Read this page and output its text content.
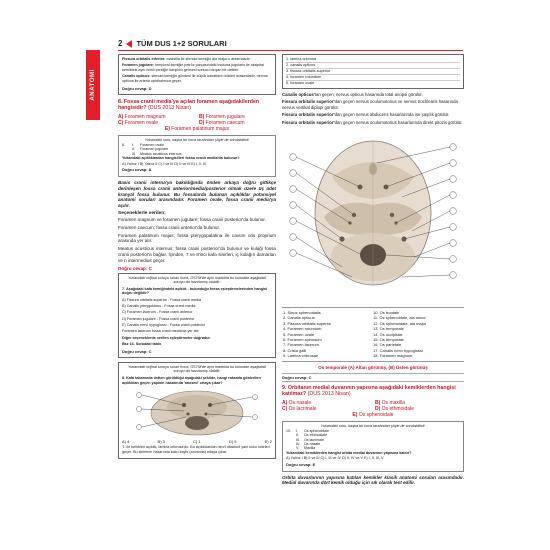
ANATOMİ
2 TÜM DUS 1+2 SORULARI

Fissura orbitalis inferior: maksilla ile sfenoid kemiğin ala major'u arasındadır.

Foramen jugulare: temporal kemiğin petröz parçasındaki incisura jugularis ile oksipital kemikteki aynı isimli çentiğin karşılıklı gelmesi sonucu oluşan bir deliktir.

Canalis opticus: sfenoid kemiğin gövdesi ile küçük kanatların kökleri arasındadır. nervus opticus ile arteria ophthalmica geçer.

Doğru cevap: D

8. Fossa cranii media'ya açılan foramen aşağıdakilerden hangisidir? (DUS 2013 Nisan)

A) Foramen magnum	B) Foramen jugulare
C) Foramen ovale	D) Foramen caecum
E) Foramen palatinum majus
Yukarıdaki soru, başka bir hoca tarafından şöyle de sorulabilirdi:
8.	I.	Foramen ovale
II.	Foramen jugulare
III.	Meatus acusticus internus
Yukarıdaki açıklıklardan hangisi/leri fossa cranii media'da bulunur?
A) Yalnız I B) Yalnız II C) I ve III D) II ve III E) I, II, III
Doğru cevap: A

Basis cranii interna'ya bakıldığında önden arkaya doğru gittikçe derinleşen fossa cranii anterior/media/posterior olmak üzere üç adet kranyal fossa bulunur. Bu fossalarda bulunan açıklıklar potansiyel anatomi soruları arasındadır. Foramen ovale, fossa cranii media'ya açılır.

Seçeneklerle verilen;

Foramen magnum ve foramen jugulare; fossa cranii posterior'da bulunur.

Foramen caecum; fossa cranii anterior'da bulunur.

Foramen palatinum majus; fossa pterygopalatina ile cavum oris proprium arasında yer alır.

Meatus acusticus internus; fossa cranii posterior'da bulunur ve kulağı fossa cranii posterior'a bağlar. İçinden, 7 ve 8'inci kafa sinirleri, iç kulağın damarları ve n intermedius geçer.

Doğru cevap: C

Yukarıdaki orijinal soruyu soran hoca, ÖSYM'de aynı mantıkla bu konudan aşağıdaki soruyu da hazırlamış olabilir:

7. Aşağıdaki kafa kemiğindeki açıklık - bulunduğu fossa eşleştirmelerinden hangisi doğru değildir?

A) Fissura orbitalis superior - Fossa cranii media

B) Canalis pterygoideus - Fossa cranii media

C) Foramen lacerum - Fossa cranii anterior

D) Foramen jugulare - Fossa cranii posterior

E) Canalis nervi hypoglossi - Fossa cranii posterior

Foramen lacerum fossa cranii media'da yer alır.

Diğer seçeneklerde verilen eşleştirmeler doğrudur

Bkz 16. Sorudaki tablo

Doğru cevap: C

Yukarıdaki orijinal soruyu soran hoca, ÖSYM'de aynı mantıkla bu konudan aşağıdaki soruyu da hazırlamış olabilir:

8. Kafa tabanında üstten görüldüğü aşağıdaki şekilde, hangi rakamla gösterilen açıklıktan geçen yapının hasarında 'anosmi' ortaya çıkar?

A) 4	B) 3	C) 1	D) 5	E) 2

'1' ile belirtilen açıklık, lamina cribrosa'dır. Bu açıklıklardan nervi olfactorii yani koku sinirleri geçer. Bu sinirlerin hasarında koku kaybı (anosmia) ortaya çıkar.

1. lamina cribrosa
2. canalis opticus
3. fissura orbitalis superior
4. foramen rotundum
5. foramen ovale

Canalis opticus'tan geçen; nervus opticus hasarında total anopsi görülür.

Fissura orbitalis superior'dan geçen nervus oculomotorius ve nervus trochlearis hasarında nervus vertikal diplopi görülür.

Fissura orbitalis superior'dan geçen nervus abducens hasarlarında ise şaşılık görülür.

Fissura orbitalis superior'dan geçen nervus oculomotorius hasarlarında direkt pitozis görülür.

1. Sinus sphenoidalis	10. Os frontale
2. Canalis opticus	11. Os sphenoidale, ala minor
3. Fissura orbitalis superior	12. Os sphenoidale, ala major
4. Foramen rotundum	13. Os temporale
5. Foramen ovale	14. Os occipitale
6. Foramen spinosum	15. Os temporale
7. Foramen lacerum	16. Os parietale
8. Crista galli	17. Canalis nervi hypoglossi
9. Lamina cribrosae	18. Foramen magnum
Os temporale (A) Altan görünüş, (B) Üsten görünüş
Doğru cevap: C

9. Orbitanın medial duvarının yapısına aşağıdaki kemiklerden hangisi katılmaz? (DUS 2013 Nisan)

A) Os nasale	B) Os maxilla
C) Os lacrimale	D) Os ethmoidale
E) Os sphenoidale
Yukarıdaki soru, başka bir hoca tarafından şöyle de sorulabilirdi:
10.	I.	Os sphenoidale
II.	Os ethmoidale
III.	Os lacrimale
IV.	Os nasale
V.	Maxilla
Yukarıdaki kemiklerden hangisi orbita medial duvarının yapısına katılır?
A) Yalnız I B) II ve III C) I, III ve IV D) II, IV ve V E) I, II, III, V
Doğru cevap: E

Orbita duvarlarının yapısına katılan kemikler klasik anatomi soruları arasındadır. Medial duvarında dört kemik olduğu için sık olarak test edilir.
